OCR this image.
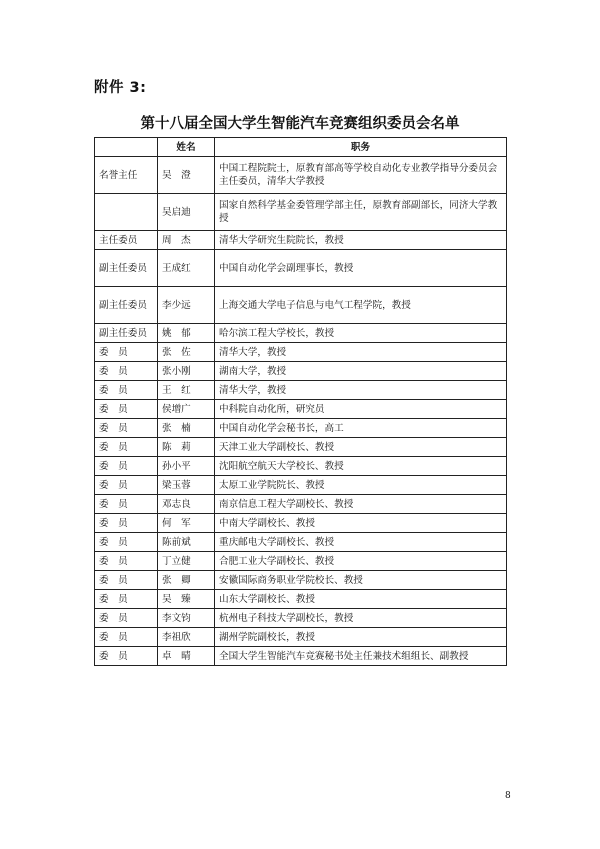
附件 3:
第十八届全国大学生智能汽车竞赛组织委员会名单
	姓名	职务
名誉主任	吴　澄	中国工程院院士，原教育部高等学校自动化专业教学指导分委员会主任委员，清华大学教授
	吴启迪	国家自然科学基金委管理学部主任，原教育部副部长，同济大学教授
主任委员	周　杰	清华大学研究生院院长，教授
副主任委员	王成红	中国自动化学会副理事长，教授
副主任委员	李少远	上海交通大学电子信息与电气工程学院，教授
副主任委员	姚　郁	哈尔滨工程大学校长，教授
委　员	张　佐	清华大学，教授
委　员	张小刚	湖南大学，教授
委　员	王　红	清华大学，教授
委　员	侯增广	中科院自动化所，研究员
委　员	张　楠	中国自动化学会秘书长，高工
委　员	陈　莉	天津工业大学副校长、教授
委　员	孙小平	沈阳航空航天大学校长、教授
委　员	梁玉蓉	太原工业学院院长、教授
委　员	邓志良	南京信息工程大学副校长、教授
委　员	何　军	中南大学副校长、教授
委　员	陈前斌	重庆邮电大学副校长、教授
委　员	丁立健	合肥工业大学副校长、教授
委　员	张　卿	安徽国际商务职业学院校长、教授
委　员	吴　臻	山东大学副校长、教授
委　员	李文钧	杭州电子科技大学副校长，教授
委　员	李祖欣	湖州学院副校长，教授
委　员	卓　晴	全国大学生智能汽车竞赛秘书处主任兼技术组组长、副教授
8
